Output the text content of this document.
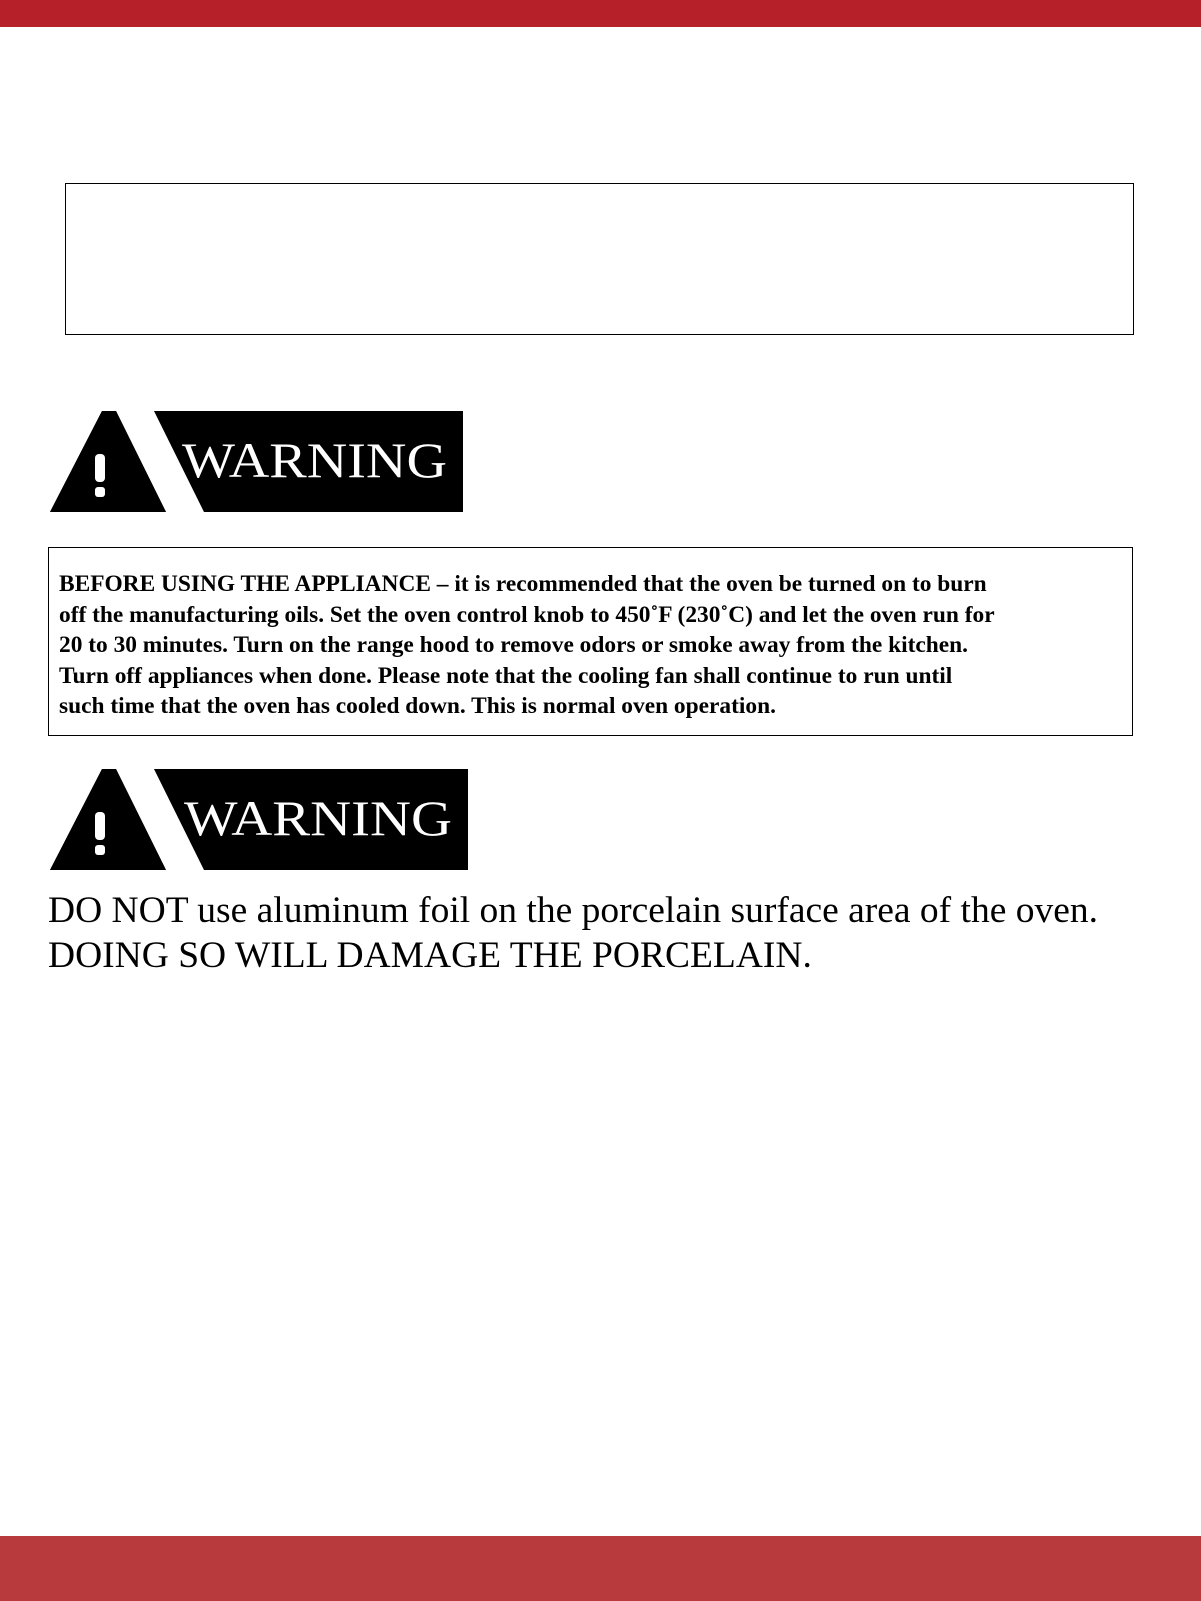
WARNING

BEFORE USING THE APPLIANCE – it is recommended that the oven be turned on to burn

off the manufacturing oils. Set the oven control knob to 450˚F (230˚C) and let the oven run for

20 to 30 minutes. Turn on the range hood to remove odors or smoke away from the kitchen.

Turn off appliances when done. Please note that the cooling fan shall continue to run until

such time that the oven has cooled down. This is normal oven operation.

WARNING
DO NOT use aluminum foil on the porcelain surface area of the oven.
DOING SO WILL DAMAGE THE PORCELAIN.
